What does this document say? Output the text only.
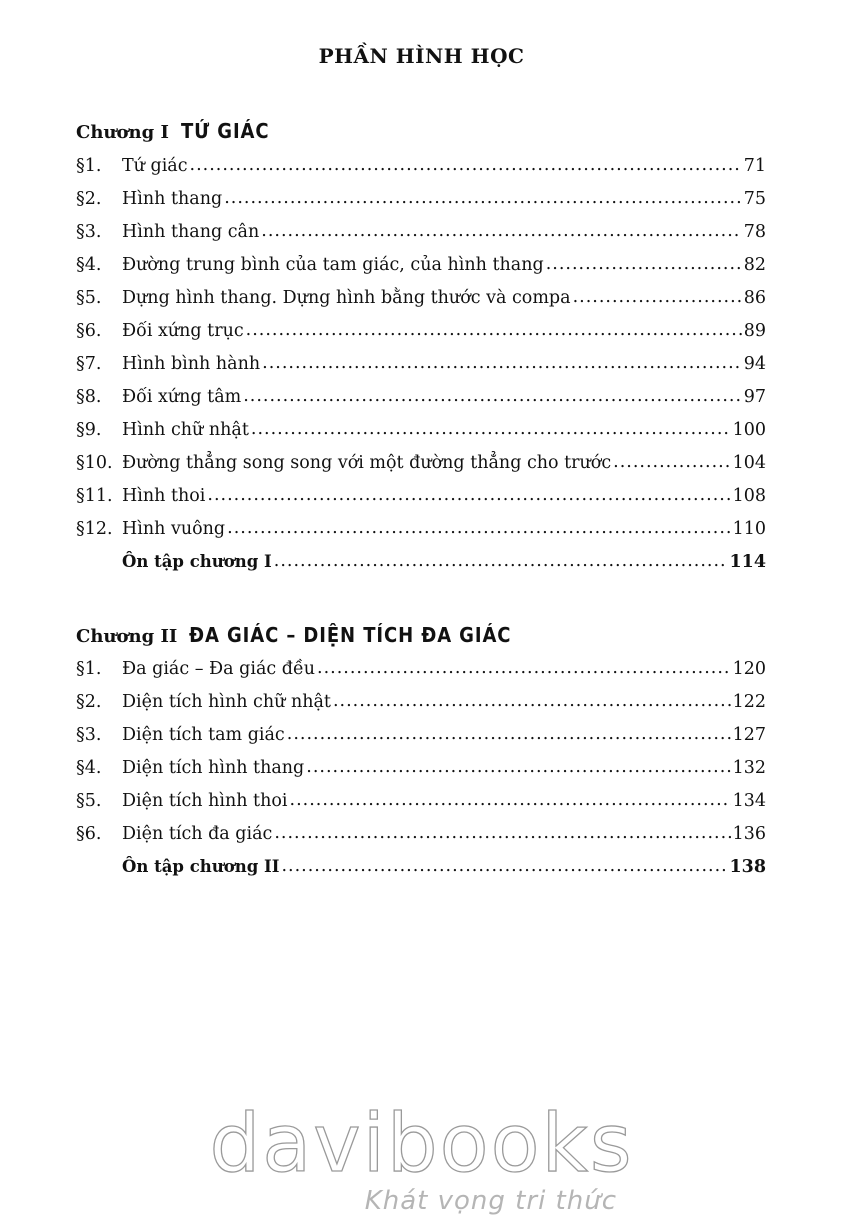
PHẦN HÌNH HỌC
Chương I TỨ GIÁC
§1.	Tứ giác .....	71
§2.	Hình thang .....	75
§3.	Hình thang cân .....	78
§4.	Đường trung bình của tam giác, của hình thang .....	82
§5.	Dựng hình thang. Dựng hình bằng thước và compa .....	86
§6.	Đối xứng trục .....	89
§7.	Hình bình hành .....	94
§8.	Đối xứng tâm .....	97
§9.	Hình chữ nhật .....	100
§10. Đường thẳng song song với một đường thẳng cho trước .....	104
§11. Hình thoi .....	108
§12. Hình vuông .....	110
Ôn tập chương I .....	114
Chương II ĐA GIÁC – DIỆN TÍCH ĐA GIÁC
§1.	Đa giác – Đa giác đều .....	120
§2.	Diện tích hình chữ nhật .....	122
§3.	Diện tích tam giác .....	127
§4.	Diện tích hình thang .....	132
§5.	Diện tích hình thoi .....	134
§6.	Diện tích đa giác .....	136
Ôn tập chương II .....	138
davibooks
Khát vọng tri thức
